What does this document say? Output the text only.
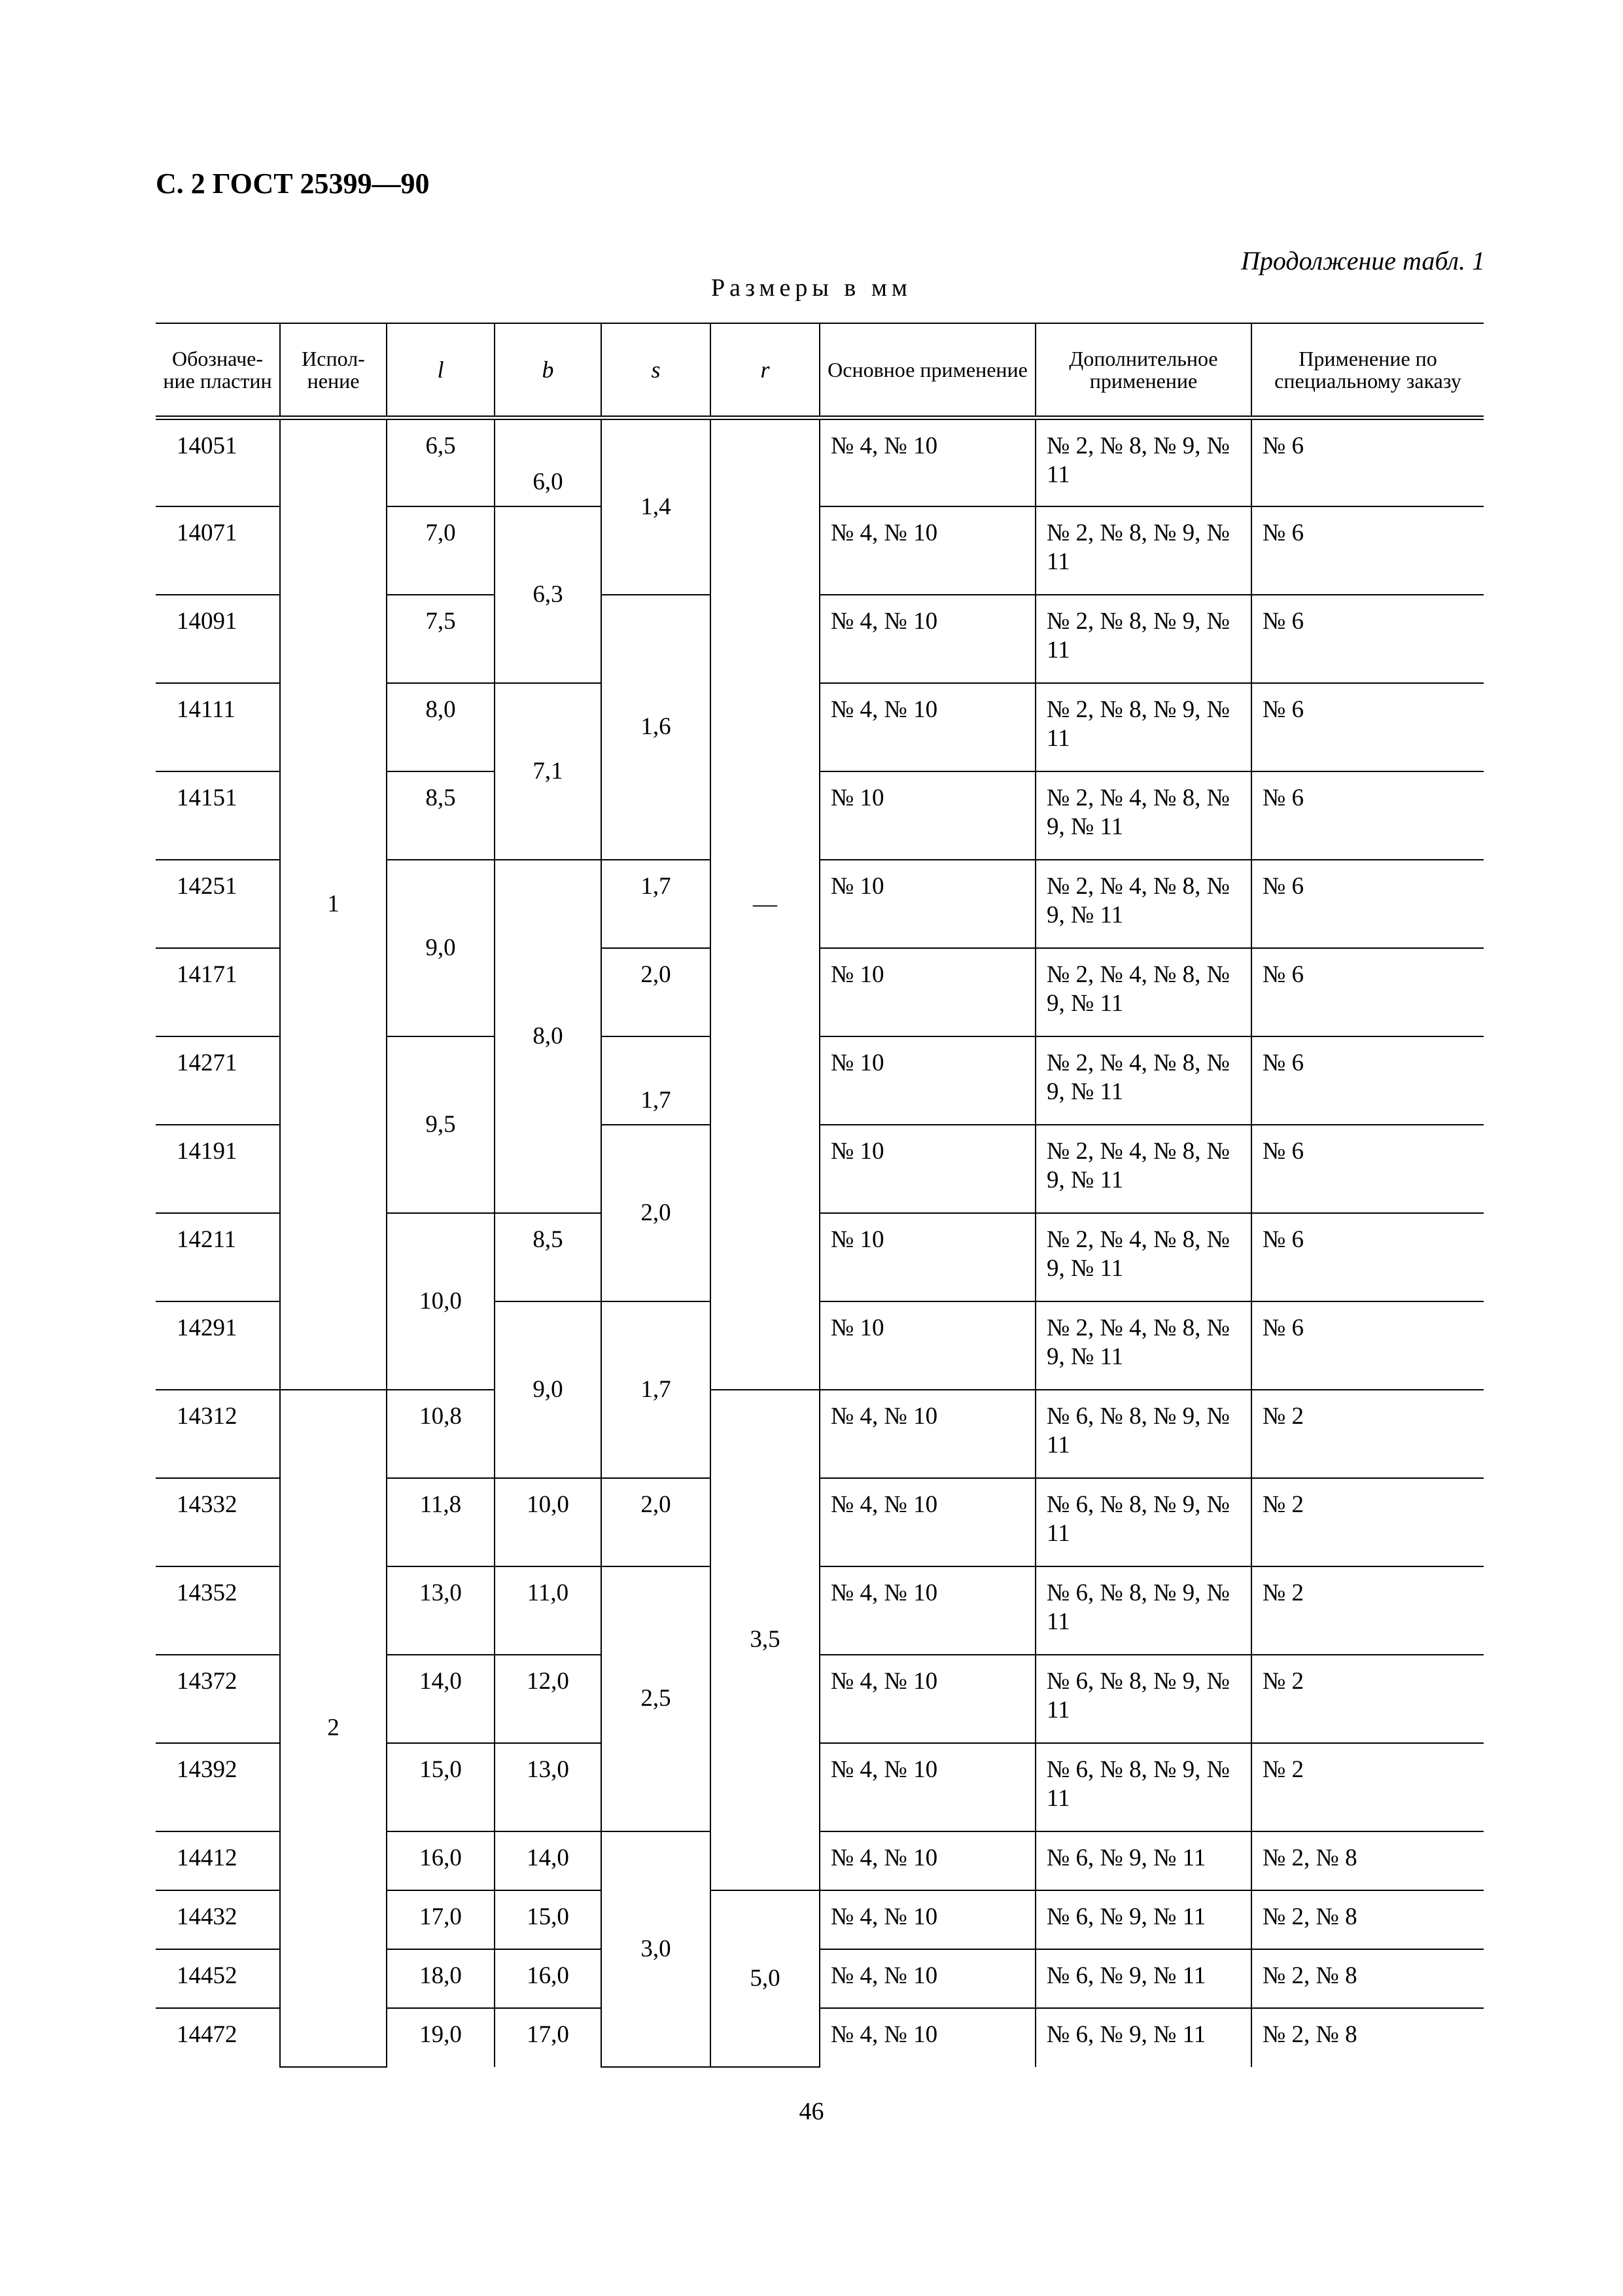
С. 2 ГОСТ 25399—90
Продолжение табл. 1
Размеры в мм
Обозначе-ние пластин	Испол-нение	l	b	s	r	Основное применение	Дополнительное применение	Применение по специальному заказу
14051	1	6,5	6,0	1,4	—	№ 4, № 10	№ 2, № 8, № 9, № 11	№ 6
14071		7,0	6,3			№ 4, № 10	№ 2, № 8, № 9, № 11	№ 6
14091		7,5		1,6		№ 4, № 10	№ 2, № 8, № 9, № 11	№ 6
14111		8,0	7,1			№ 4, № 10	№ 2, № 8, № 9, № 11	№ 6
14151		8,5				№ 10	№ 2, № 4, № 8, № 9, № 11	№ 6
14251		9,0	8,0	1,7		№ 10	№ 2, № 4, № 8, № 9, № 11	№ 6
14171				2,0		№ 10	№ 2, № 4, № 8, № 9, № 11	№ 6
14271		9,5		1,7		№ 10	№ 2, № 4, № 8, № 9, № 11	№ 6
14191				2,0		№ 10	№ 2, № 4, № 8, № 9, № 11	№ 6
14211		10,0	8,5			№ 10	№ 2, № 4, № 8, № 9, № 11	№ 6
14291			9,0	1,7		№ 10	№ 2, № 4, № 8, № 9, № 11	№ 6
14312	2	10,8			3,5	№ 4, № 10	№ 6, № 8, № 9, № 11	№ 2
14332		11,8	10,0	2,0		№ 4, № 10	№ 6, № 8, № 9, № 11	№ 2
14352		13,0	11,0	2,5		№ 4, № 10	№ 6, № 8, № 9, № 11	№ 2
14372		14,0	12,0			№ 4, № 10	№ 6, № 8, № 9, № 11	№ 2
14392		15,0	13,0			№ 4, № 10	№ 6, № 8, № 9, № 11	№ 2
14412		16,0	14,0	3,0		№ 4, № 10	№ 6, № 9, № 11	№ 2, № 8
14432		17,0	15,0		5,0	№ 4, № 10	№ 6, № 9, № 11	№ 2, № 8
14452		18,0	16,0			№ 4, № 10	№ 6, № 9, № 11	№ 2, № 8
14472		19,0	17,0			№ 4, № 10	№ 6, № 9, № 11	№ 2, № 8
46
